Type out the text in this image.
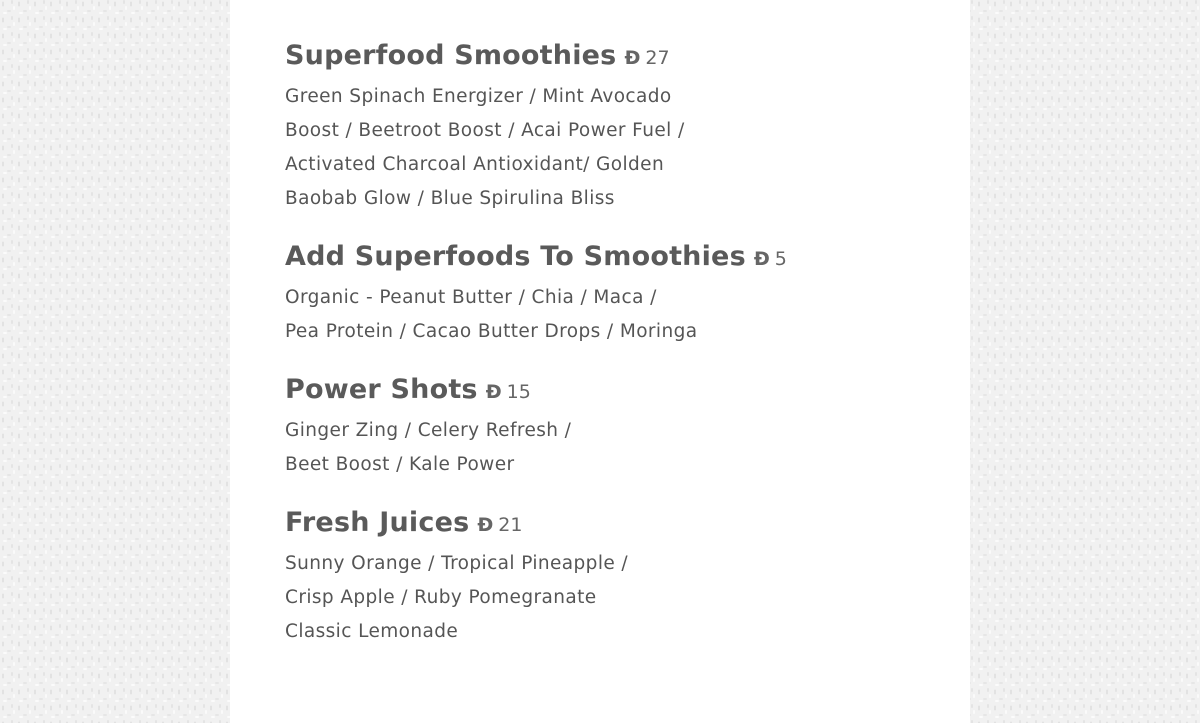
Superfood Smoothies Đ 27
Green Spinach Energizer / Mint Avocado
Boost / Beetroot Boost / Acai Power Fuel /
Activated Charcoal Antioxidant/ Golden
Baobab Glow / Blue Spirulina Bliss
Add Superfoods To Smoothies Đ 5
Organic - Peanut Butter / Chia / Maca /
Pea Protein / Cacao Butter Drops / Moringa
Power Shots Đ 15
Ginger Zing / Celery Refresh /
Beet Boost / Kale Power
Fresh Juices Đ 21
Sunny Orange / Tropical Pineapple /
Crisp Apple / Ruby Pomegranate
Classic Lemonade
